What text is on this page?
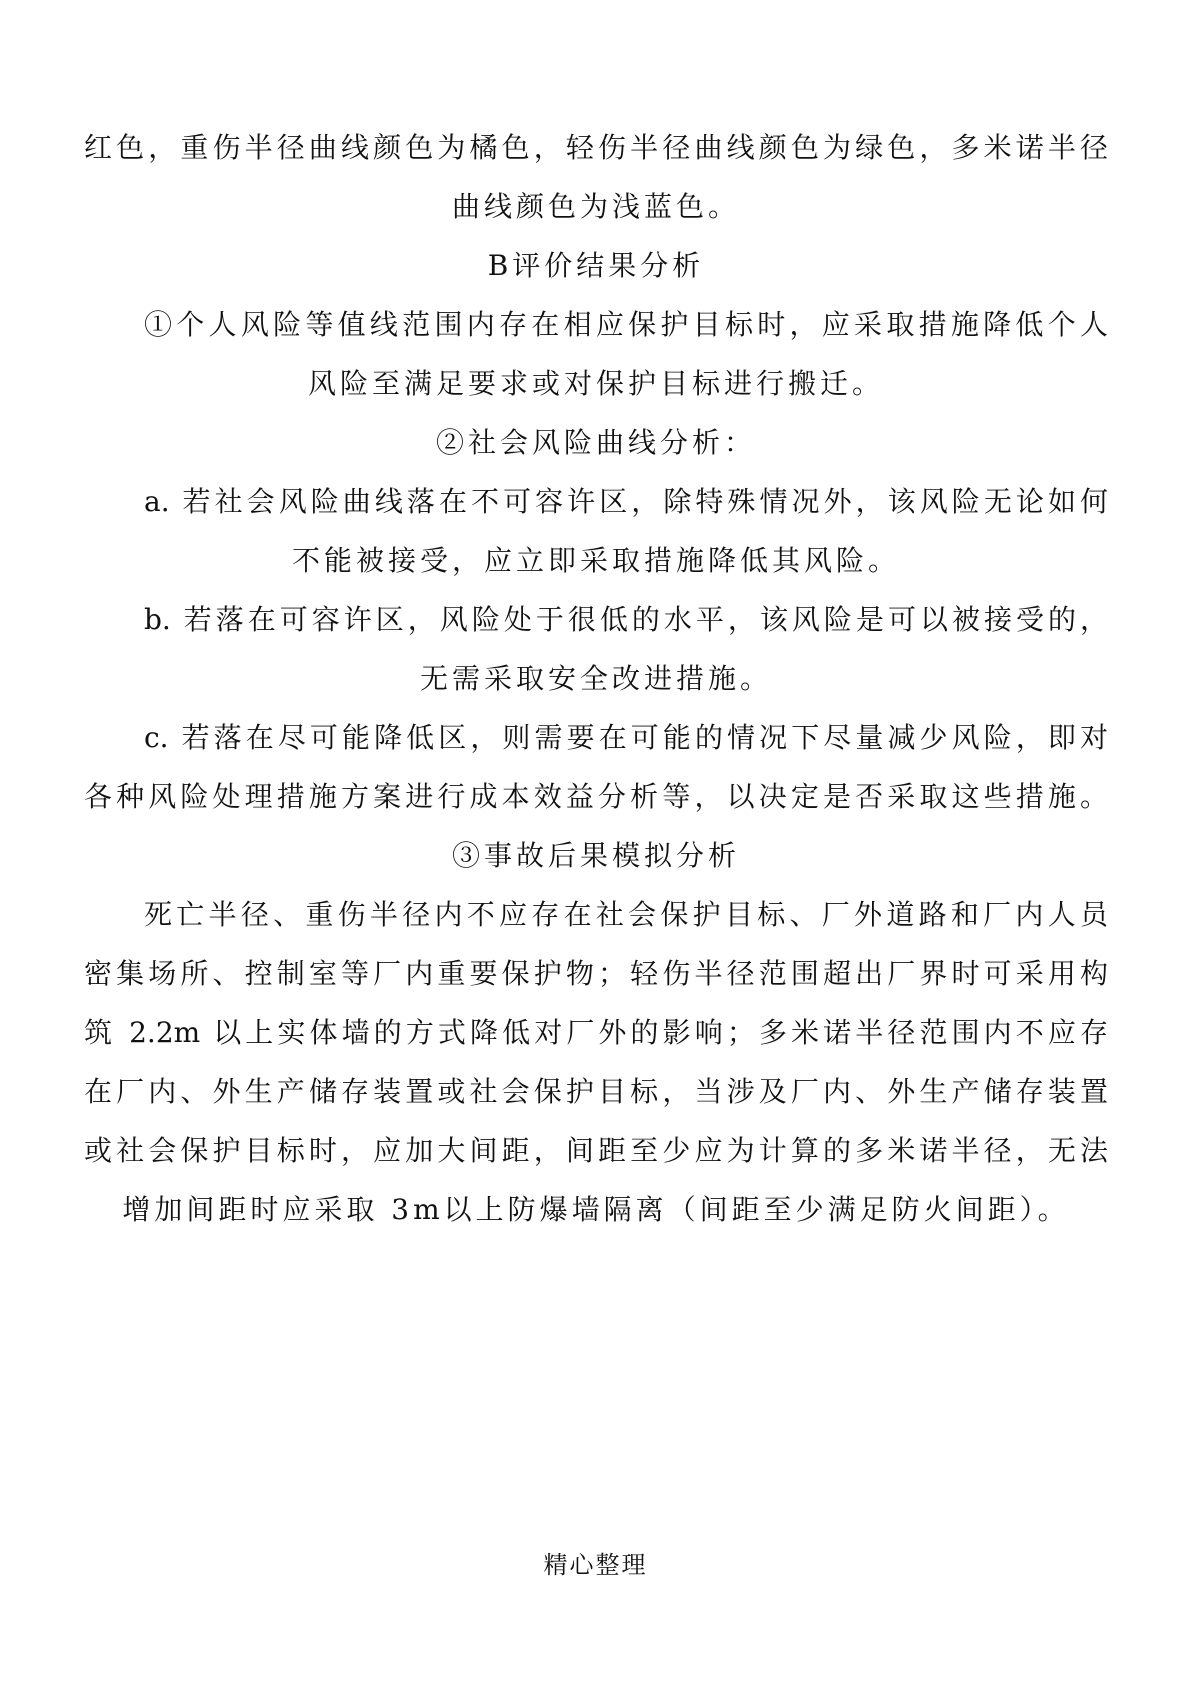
红色，重伤半径曲线颜色为橘色，轻伤半径曲线颜色为绿色，多米诺半径
曲线颜色为浅蓝色。
B评价结果分析
①个人风险等值线范围内存在相应保护目标时，应采取措施降低个人
风险至满足要求或对保护目标进行搬迁。
②社会风险曲线分析：
a. 若社会风险曲线落在不可容许区，除特殊情况外，该风险无论如何
不能被接受，应立即采取措施降低其风险。
b. 若落在可容许区，风险处于很低的水平，该风险是可以被接受的，
无需采取安全改进措施。
c. 若落在尽可能降低区，则需要在可能的情况下尽量减少风险，即对
各种风险处理措施方案进行成本效益分析等，以决定是否采取这些措施。
③事故后果模拟分析
死亡半径、重伤半径内不应存在社会保护目标、厂外道路和厂内人员
密集场所、控制室等厂内重要保护物；轻伤半径范围超出厂界时可采用构
筑 2.2m 以上实体墙的方式降低对厂外的影响；多米诺半径范围内不应存
在厂内、外生产储存装置或社会保护目标，当涉及厂内、外生产储存装置
或社会保护目标时，应加大间距，间距至少应为计算的多米诺半径，无法
增加间距时应采取 3m以上防爆墙隔离（间距至少满足防火间距）。
精心整理
